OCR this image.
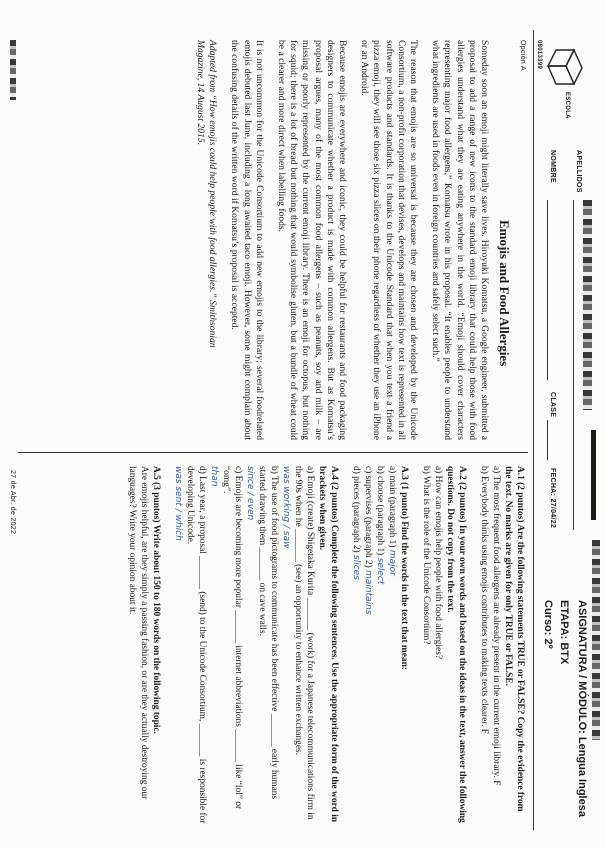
ESCOLA
08013399
APELLIDOS
NOMBRE
CLASE
FECHA: 27/04/22
ASIGNATURA / MÓDULO: Lengua Inglesa
ETAPA: BTX
Curso: 2º
Opción A
Emojis and Food Allergies

Someday soon an emoji might literally save lives. Hiroyuki Komatsu, a Google engineer, submitted a proposal to add a range of new icons to the standard emoji library that could help those with food allergies understand what they are eating anywhere in the world. “Emoji should cover characters representing major food allergens,” Komatsu wrote in his proposal. “It enables people to understand what ingredients are used in foods even in foreign countries and safely select such.”

The reason that emojis are so universal is because they are chosen and developed by the Unicode Consortium, a non-profit corporation that devises, develops and maintains how text is represented in all software products and standards. It is thanks to the Unicode Standard that when you text a friend a pizza emoji, they will see those six pizza slices on their phone regardless of whether they use an iPhone or an Android.

Because emojis are everywhere and iconic, they could be helpful for restaurants and food packaging designers to communicate whether a product is made with common allergens. But as Komatsu’s proposal argues, many of the most common food allergens – such as peanuts, soy and milk – are missing or poorly represented by the current emoji library. There is an emoji for octopus, but nothing for squid; there is a lot of bread but nothing that would symbolise gluten, but a bundle of wheat could be a clearer and more direct when labelling foods.

It is not uncommon for the Unicode Consortium to add new emojis to the library; several foodrelated emojis debuted last June, including a long awaited taco emoji. However, some might complain about the confusing details of the written word if Komatsu’s proposal is accepted.

Adapted from “How emojis could help people with food allergies.” Smithsonian
Magazine, 14 August 2015.

A.1 (2 puntos) Are the following statements TRUE or FALSE? Copy the evidence from the text. No marks are given for only TRUE or FALSE.

a) The most frequent food allergens are already present in the current emoji library. F

b) Everybody thinks using emojis contributes to making texts clearer. F

A.2 (2 puntos) In your own words and based on the ideas in the text, answer the following questions. Do not copy from the text.

a) How can emojis help people with food allergies?

b) What is the role of the Unicode Consortium?

A.3 (1 punto) Find the words in the text that mean:

a) main (paragraph 1) major

b) choose (paragraph 1) select

c) supervises (paragraph 2) maintains

d) pieces (paragraph 2) slices

A.4 (2 puntos) Complete the following sentences. Use the appropriate form of the word in brackets when given.

a) Emoji (create) Shigetaka Kurita _______ (work) for a Japanese telecommunications firm in the 90s when he _______ (see) an opportunity to enhance written exchanges.

was working / saw

b) The use of food pictograms to communicate has been effective _______ early humans started drawing them _______ on cave walls.

since / even

c) Emojis are becoming more popular _______ internet abbreviations _______ like “lol” or “omg”.

than

d) Last year, a proposal _______ (send) to the Unicode Consortium, _______ is responsible for developing Unicode.

was sent / which

A.5 (3 puntos) Write about 150 to 180 words on the following topic.

Are emojis helpful, are they simply a passing fashion, or are they actually destroying our languages? Write your opinion about it.

27 de Abr. de 2022
